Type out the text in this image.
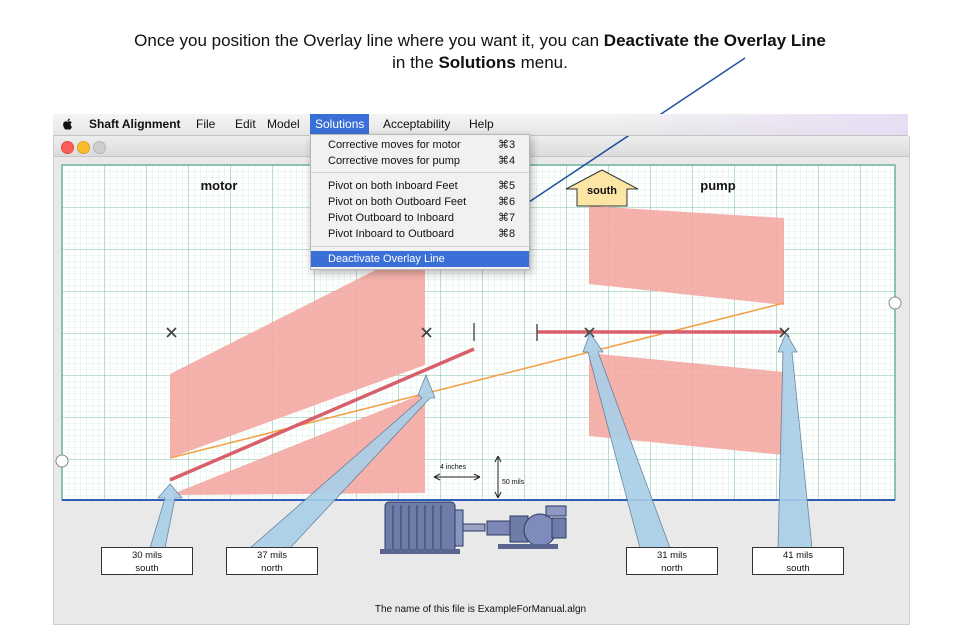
Once you position the Overlay line where you want it, you can Deactivate the Overlay Line
in the Solutions menu.
motor	pump
south
4 inches
50 mils
Shaft Alignment	File	Edit Model	Solutions	Acceptability	Help
Corrective moves for motor	⌘3
Corrective moves for pump	⌘4
Pivot on both Inboard Feet	⌘5
Pivot on both Outboard Feet	⌘6
Pivot Outboard to Inboard	⌘7
Pivot Inboard to Outboard	⌘8
Deactivate Overlay Line
30 mils
south
37 mils
north
31 mils
north
41 mils
south
The name of this file is ExampleForManual.algn
